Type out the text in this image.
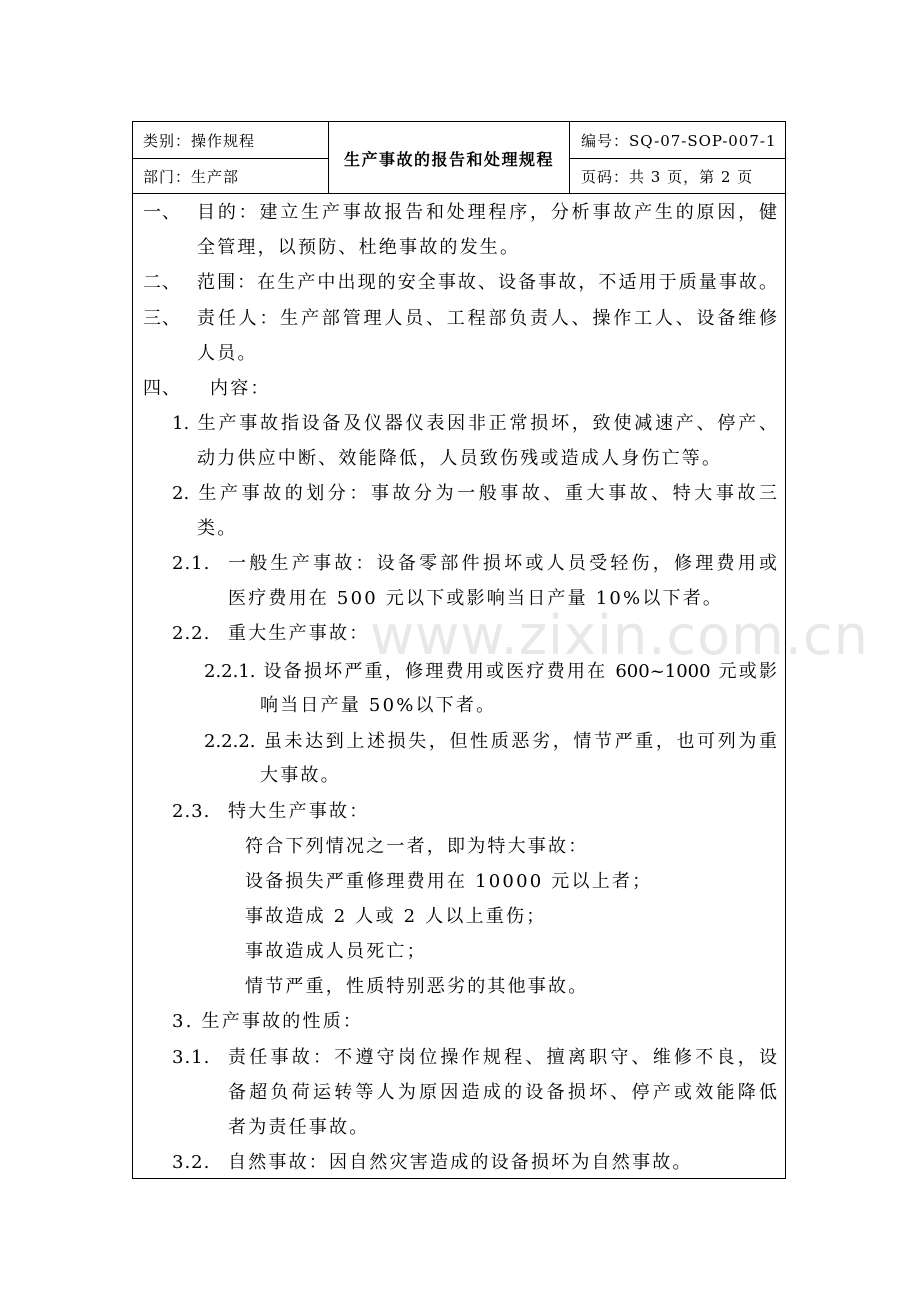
类别：操作规程
部门：生产部
生产事故的报告和处理规程
编号：SQ-07-SOP-007-1
页码：共 3 页，第 2 页
一、 目的：建立生产事故报告和处理程序，分析事故产生的原因，健
全管理，以预防、杜绝事故的发生。
二、 范围：在生产中出现的安全事故、设备事故，不适用于质量事故。
三、 责任人：生产部管理人员、工程部负责人、操作工人、设备维修
人员。
四、 内容：
1. 生产事故指设备及仪器仪表因非正常损坏，致使减速产、停产、
动力供应中断、效能降低，人员致伤残或造成人身伤亡等。
2. 生产事故的划分：事故分为一般事故、重大事故、特大事故三
类。
2.1. 一般生产事故：设备零部件损坏或人员受轻伤，修理费用或
医疗费用在 500 元以下或影响当日产量 10%以下者。
2.2. 重大生产事故：
2.2.1. 设备损坏严重，修理费用或医疗费用在 600~1000 元或影
响当日产量 50%以下者。
2.2.2. 虽未达到上述损失，但性质恶劣，情节严重，也可列为重
大事故。
2.3. 特大生产事故：
符合下列情况之一者，即为特大事故：
设备损失严重修理费用在 10000 元以上者；
事故造成 2 人或 2 人以上重伤；
事故造成人员死亡；
情节严重，性质特别恶劣的其他事故。
3. 生产事故的性质：
3.1. 责任事故：不遵守岗位操作规程、擅离职守、维修不良，设
备超负荷运转等人为原因造成的设备损坏、停产或效能降低
者为责任事故。
3.2. 自然事故：因自然灾害造成的设备损坏为自然事故。
www.zixin.com.cn
